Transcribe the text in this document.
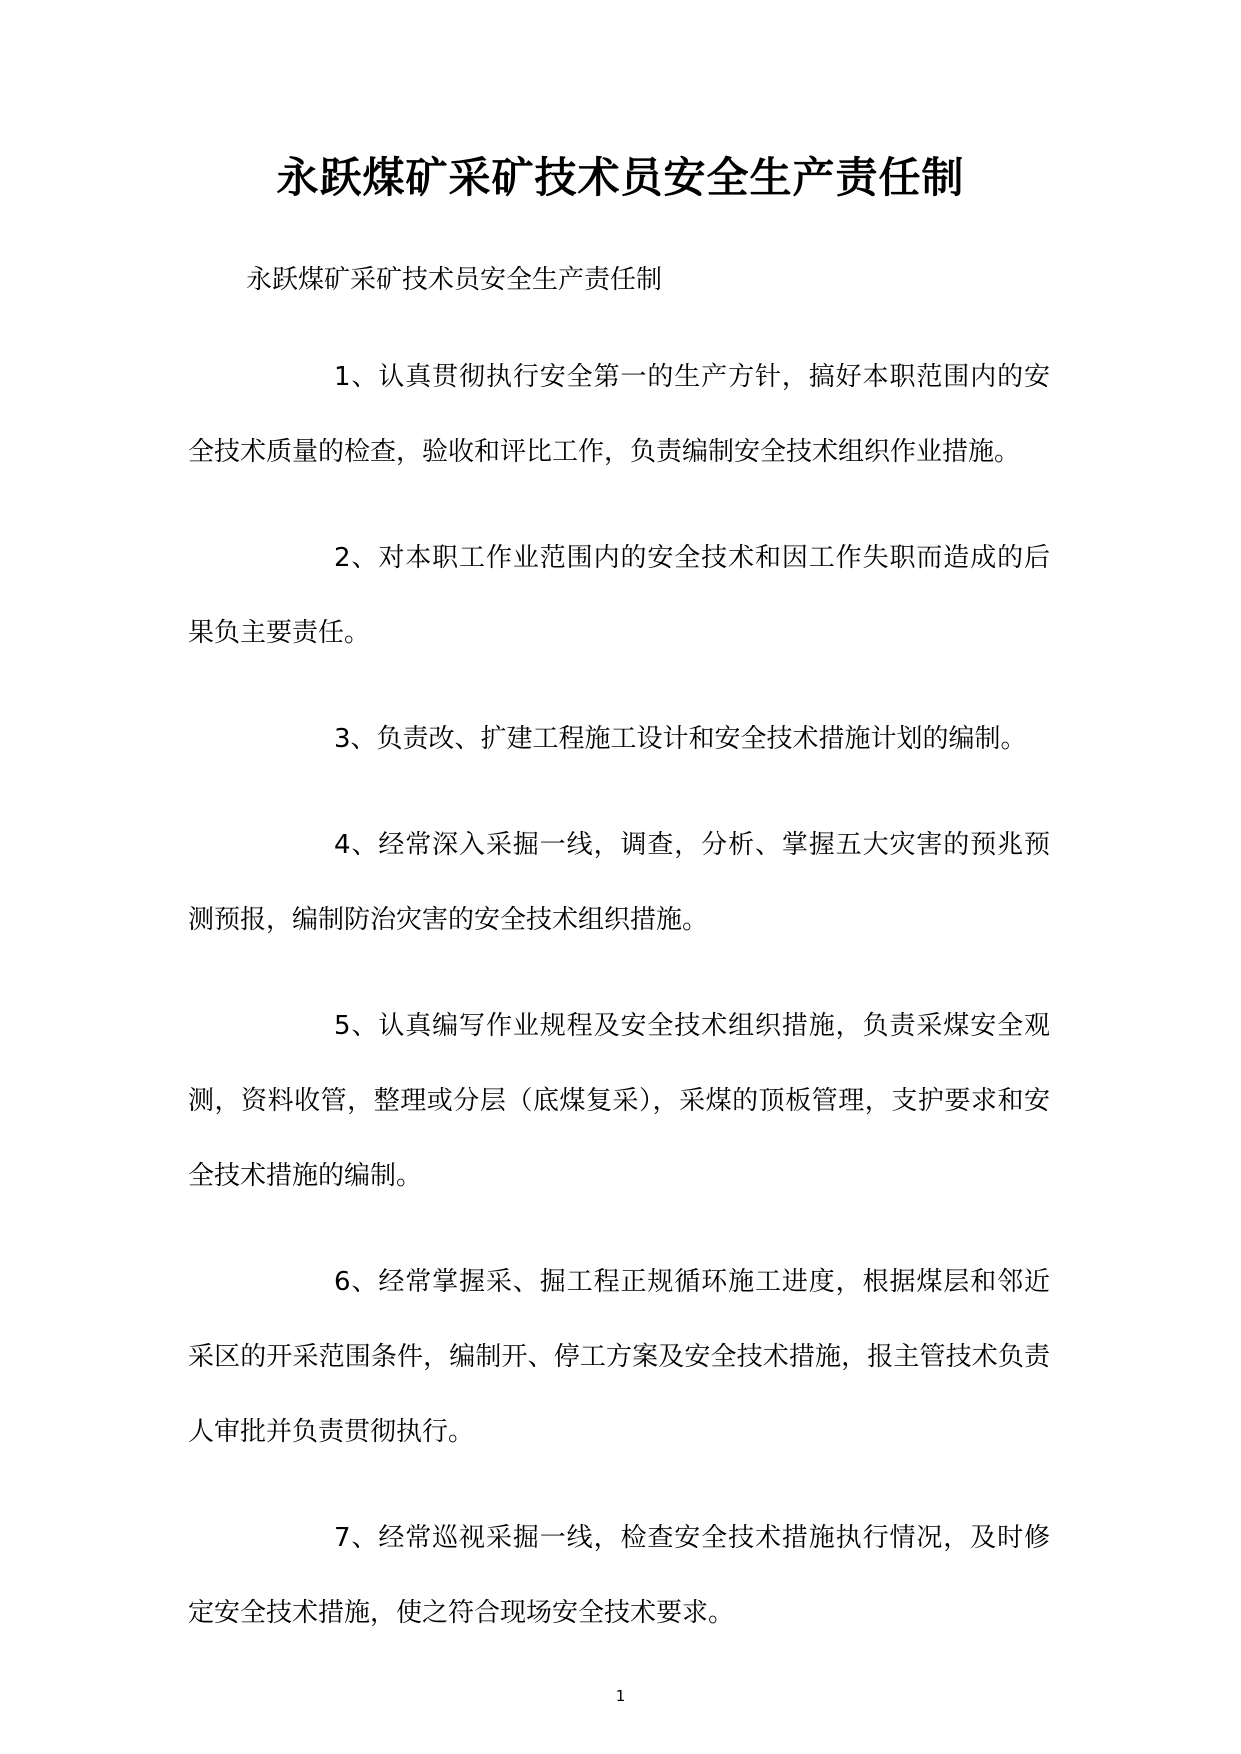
永跃煤矿采矿技术员安全生产责任制

永跃煤矿采矿技术员安全生产责任制

1、认真贯彻执行安全第一的生产方针，搞好本职范围内的安全技术质量的检查，验收和评比工作，负责编制安全技术组织作业措施。

2、对本职工作业范围内的安全技术和因工作失职而造成的后果负主要责任。

3、负责改、扩建工程施工设计和安全技术措施计划的编制。

4、经常深入采掘一线，调查，分析、掌握五大灾害的预兆预测预报，编制防治灾害的安全技术组织措施。

5、认真编写作业规程及安全技术组织措施，负责采煤安全观测，资料收管，整理或分层（底煤复采），采煤的顶板管理，支护要求和安全技术措施的编制。

6、经常掌握采、掘工程正规循环施工进度，根据煤层和邻近采区的开采范围条件，编制开、停工方案及安全技术措施，报主管技术负责人审批并负责贯彻执行。

7、经常巡视采掘一线，检查安全技术措施执行情况，及时修定安全技术措施，使之符合现场安全技术要求。

1
